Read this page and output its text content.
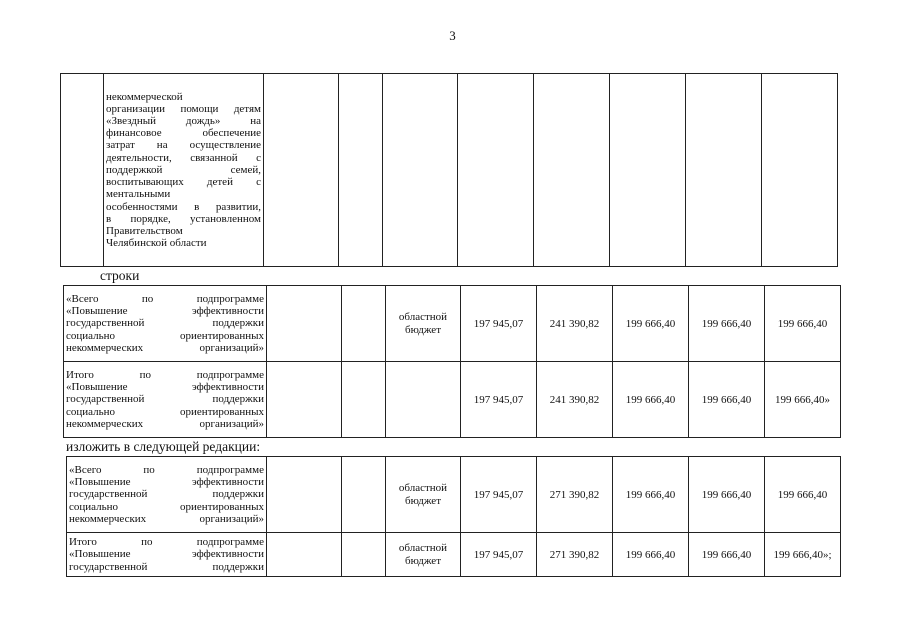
3

некоммерческой
организации помощи детям
«Звездный дождь» на
финансовое обеспечение
затрат на осуществление
деятельности, связанной с
поддержкой семей,
воспитывающих детей с
ментальными
особенностями в развитии,
в порядке, установленном
Правительством
Челябинской области

строки
«Всего по подпрограмме
«Повышение эффективности
государственной поддержки
социально ориентированных
некоммерческих организаций»			областной бюджет	197 945,07	241 390,82	199 666,40	199 666,40	199 666,40

Итого по подпрограмме
«Повышение эффективности
государственной поддержки
социально ориентированных
некоммерческих организаций»				197 945,07	241 390,82	199 666,40	199 666,40	199 666,40»
изложить в следующей редакции:
«Всего по подпрограмме
«Повышение эффективности
государственной поддержки
социально ориентированных
некоммерческих организаций»			областной бюджет	197 945,07	271 390,82	199 666,40	199 666,40	199 666,40

Итого по подпрограмме
«Повышение эффективности
государственной поддержки			областной бюджет	197 945,07	271 390,82	199 666,40	199 666,40	199 666,40»;
